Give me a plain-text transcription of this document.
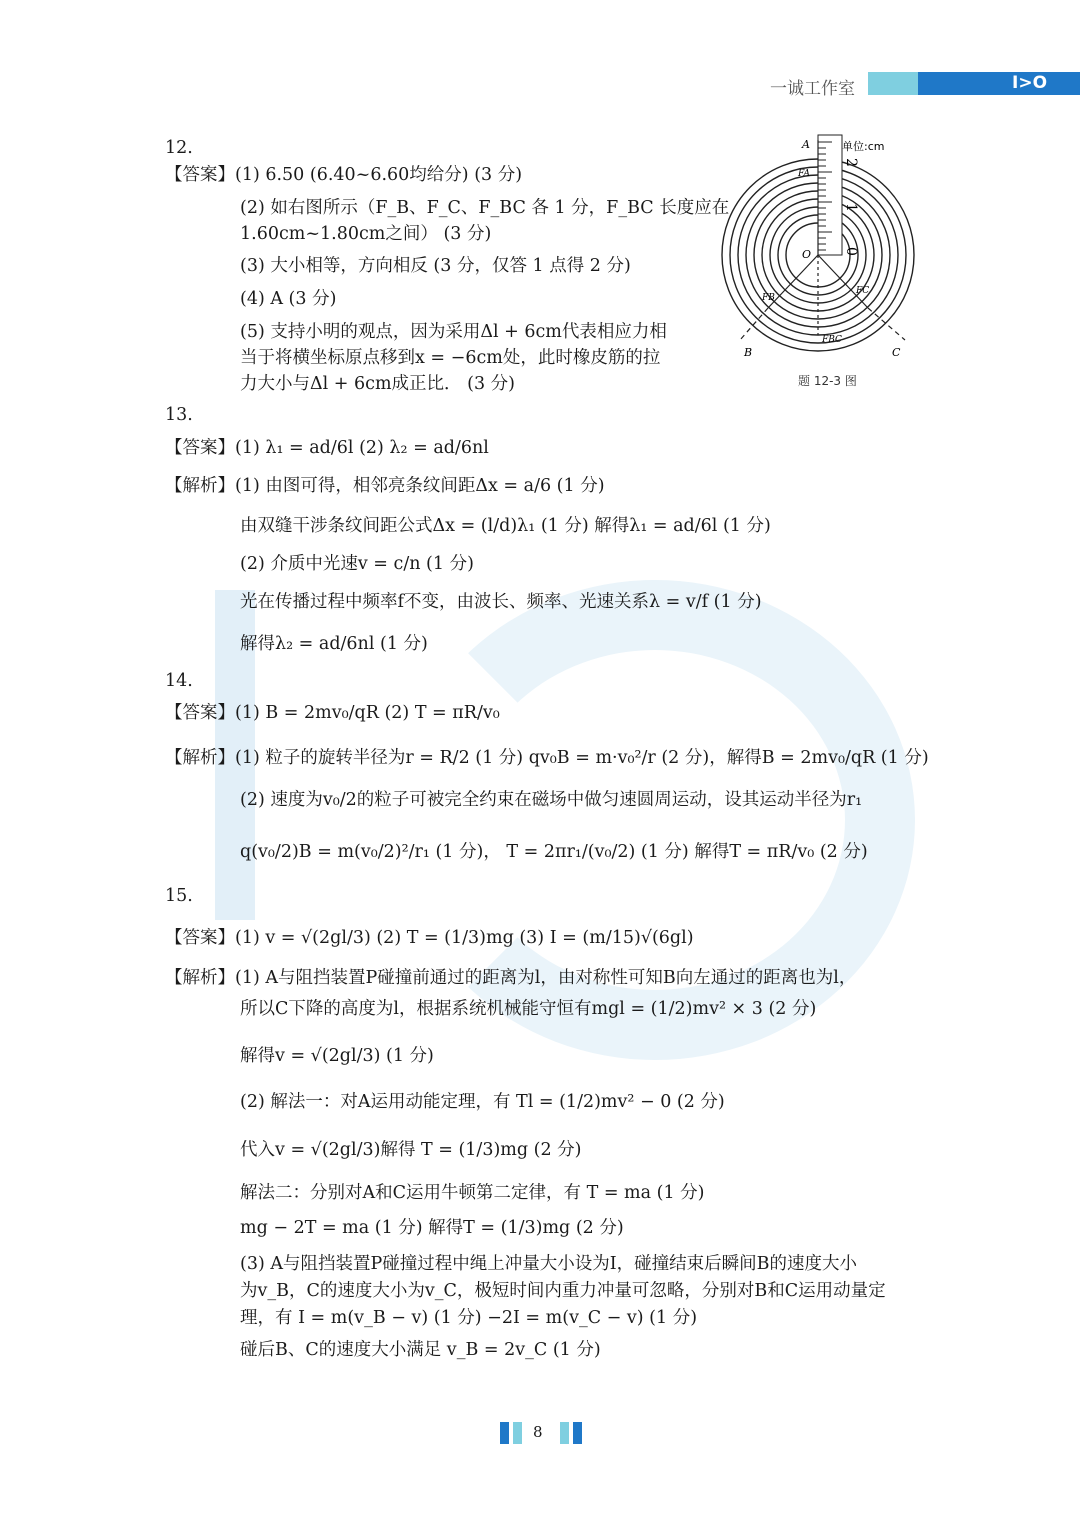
一诚工作室	I>O
2
1
0
单位:cm
A
O
B	C
FA
FB
FC
FBC
题 12-3 图
12.
【答案】(1) 6.50 (6.40~6.60均给分) (3 分)
(2) 如右图所示（F_B、F_C、F_BC 各 1 分，F_BC 长度应在
1.60cm~1.80cm之间） (3 分)
(3) 大小相等，方向相反 (3 分，仅答 1 点得 2 分)
(4) A (3 分)
(5) 支持小明的观点，因为采用Δl + 6cm代表相应力相
当于将横坐标原点移到x = −6cm处，此时橡皮筋的拉
力大小与Δl + 6cm成正比． (3 分)
13.
【答案】(1) λ₁ = ad/6l (2) λ₂ = ad/6nl
【解析】(1) 由图可得，相邻亮条纹间距Δx = a/6 (1 分)
由双缝干涉条纹间距公式Δx = (l/d)λ₁ (1 分) 解得λ₁ = ad/6l (1 分)
(2) 介质中光速v = c/n (1 分)
光在传播过程中频率f不变，由波长、频率、光速关系λ = v/f (1 分)
解得λ₂ = ad/6nl (1 分)
14.
【答案】(1) B = 2mv₀/qR (2) T = πR/v₀
【解析】(1) 粒子的旋转半径为r = R/2 (1 分) qv₀B = m·v₀²/r (2 分)，解得B = 2mv₀/qR (1 分)
(2) 速度为v₀/2的粒子可被完全约束在磁场中做匀速圆周运动，设其运动半径为r₁
q(v₀/2)B = m(v₀/2)²/r₁ (1 分)， T = 2πr₁/(v₀/2) (1 分) 解得T = πR/v₀ (2 分)
15.
【答案】(1) v = √(2gl/3) (2) T = (1/3)mg (3) I = (m/15)√(6gl)
【解析】(1) A与阻挡装置P碰撞前通过的距离为l，由对称性可知B向左通过的距离也为l，
所以C下降的高度为l，根据系统机械能守恒有mgl = (1/2)mv² × 3 (2 分)
解得v = √(2gl/3) (1 分)
(2) 解法一：对A运用动能定理，有 Tl = (1/2)mv² − 0 (2 分)
代入v = √(2gl/3)解得 T = (1/3)mg (2 分)
解法二：分别对A和C运用牛顿第二定律，有 T = ma (1 分)
mg − 2T = ma (1 分) 解得T = (1/3)mg (2 分)
(3) A与阻挡装置P碰撞过程中绳上冲量大小设为I，碰撞结束后瞬间B的速度大小
为v_B，C的速度大小为v_C，极短时间内重力冲量可忽略，分别对B和C运用动量定
理，有 I = m(v_B − v) (1 分) −2I = m(v_C − v) (1 分)
碰后B、C的速度大小满足 v_B = 2v_C (1 分)
8
